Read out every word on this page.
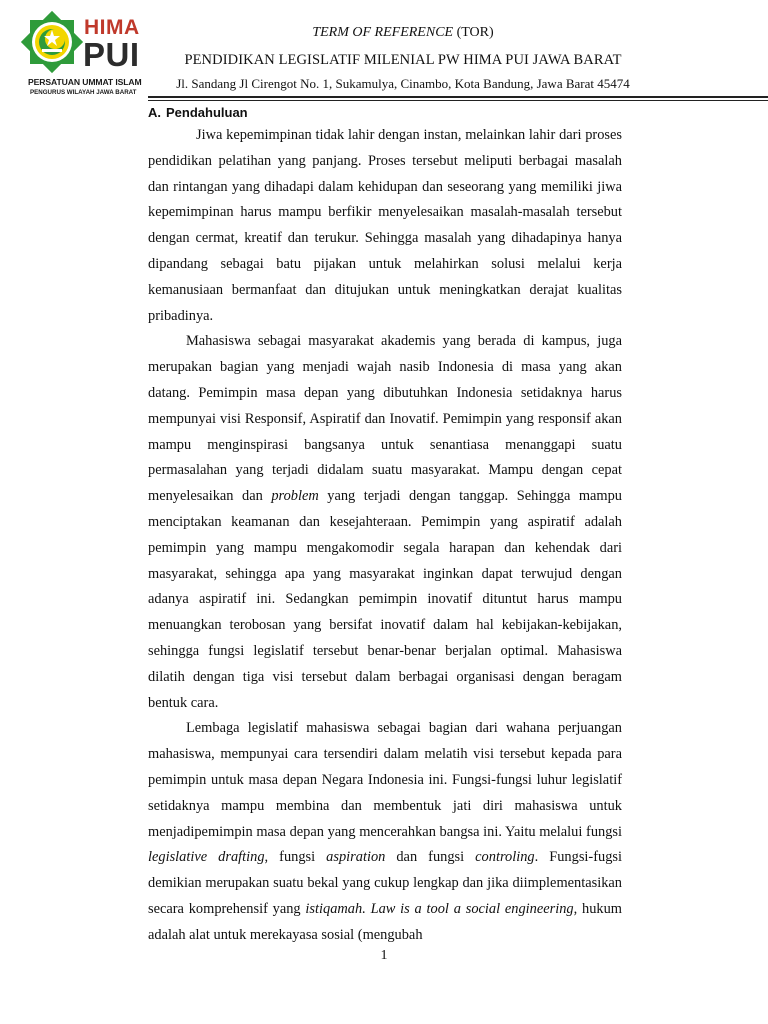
HIMA
PUI
PERSATUAN UMMAT ISLAM
PENGURUS WILAYAH JAWA BARAT
TERM OF REFERENCE (TOR)
PENDIDIKAN LEGISLATIF MILENIAL PW HIMA PUI JAWA BARAT
Jl. Sandang Jl Cirengot No. 1, Sukamulya, Cinambo, Kota Bandung, Jawa Barat 45474
A. Pendahuluan

Jiwa kepemimpinan tidak lahir dengan instan, melainkan lahir dari proses pendidikan pelatihan yang panjang. Proses tersebut meliputi berbagai masalah dan rintangan yang dihadapi dalam kehidupan dan seseorang yang memiliki jiwa kepemimpinan harus mampu berfikir menyelesaikan masalah-masalah tersebut dengan cermat, kreatif dan terukur. Sehingga masalah yang dihadapinya hanya dipandang sebagai batu pijakan untuk melahirkan solusi melalui kerja kemanusiaan bermanfaat dan ditujukan untuk meningkatkan derajat kualitas pribadinya.

Mahasiswa sebagai masyarakat akademis yang berada di kampus, juga merupakan bagian yang menjadi wajah nasib Indonesia di masa yang akan datang. Pemimpin masa depan yang dibutuhkan Indonesia setidaknya harus mempunyai visi Responsif, Aspiratif dan Inovatif. Pemimpin yang responsif akan mampu menginspirasi bangsanya untuk senantiasa menanggapi suatu permasalahan yang terjadi didalam suatu masyarakat. Mampu dengan cepat menyelesaikan dan problem yang terjadi dengan tanggap. Sehingga mampu menciptakan keamanan dan kesejahteraan. Pemimpin yang aspiratif adalah pemimpin yang mampu mengakomodir segala harapan dan kehendak dari masyarakat, sehingga apa yang masyarakat inginkan dapat terwujud dengan adanya aspiratif ini. Sedangkan pemimpin inovatif dituntut harus mampu menuangkan terobosan yang bersifat inovatif dalam hal kebijakan-kebijakan, sehingga fungsi legislatif tersebut benar-benar berjalan optimal. Mahasiswa dilatih dengan tiga visi tersebut dalam berbagai organisasi dengan beragam bentuk cara.

Lembaga legislatif mahasiswa sebagai bagian dari wahana perjuangan mahasiswa, mempunyai cara tersendiri dalam melatih visi tersebut kepada para pemimpin untuk masa depan Negara Indonesia ini. Fungsi-fungsi luhur legislatif setidaknya mampu membina dan membentuk jati diri mahasiswa untuk menjadipemimpin masa depan yang mencerahkan bangsa ini. Yaitu melalui fungsi legislative drafting, fungsi aspiration dan fungsi controling. Fungsi-fugsi demikian merupakan suatu bekal yang cukup lengkap dan jika diimplementasikan secara komprehensif yang istiqamah. Law is a tool a social engineering, hukum adalah alat untuk merekayasa sosial (mengubah

1
